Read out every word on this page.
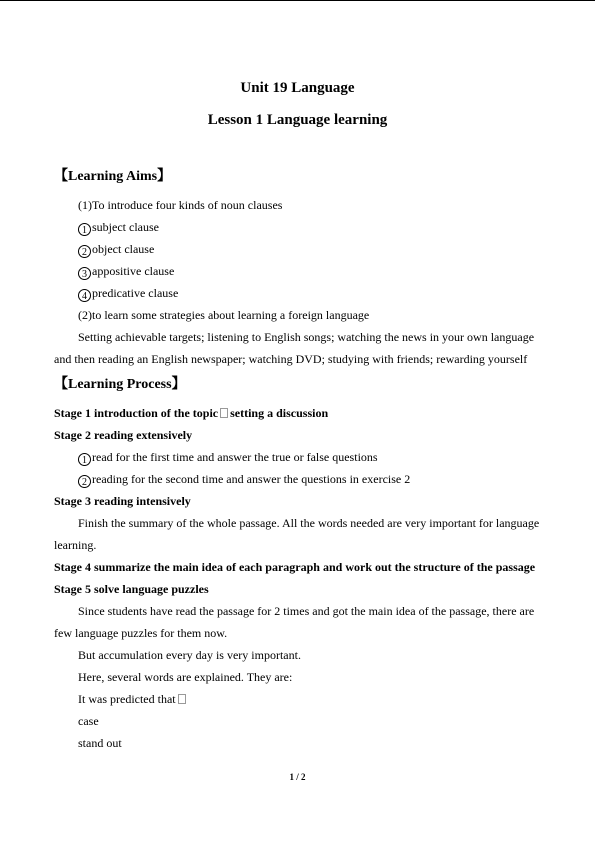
Unit 19 Language
Lesson 1 Language learning
【Learning Aims】
(1)To introduce four kinds of noun clauses
1 subject clause
2 object clause
3 appositive clause
4 predicative clause
(2)to learn some strategies about learning a foreign language
Setting achievable targets; listening to English songs; watching the news in your own language
and then reading an English newspaper; watching DVD; studying with friends; rewarding yourself
【Learning Process】
Stage 1 introduction of the topic setting a discussion
Stage 2 reading extensively
1 read for the first time and answer the true or false questions
2 reading for the second time and answer the questions in exercise 2
Stage 3 reading intensively
Finish the summary of the whole passage. All the words needed are very important for language
learning.
Stage 4 summarize the main idea of each paragraph and work out the structure of the passage
Stage 5 solve language puzzles
Since students have read the passage for 2 times and got the main idea of the passage, there are
few language puzzles for them now.
But accumulation every day is very important.
Here, several words are explained. They are:
It was predicted that
case
stand out
1 / 2
